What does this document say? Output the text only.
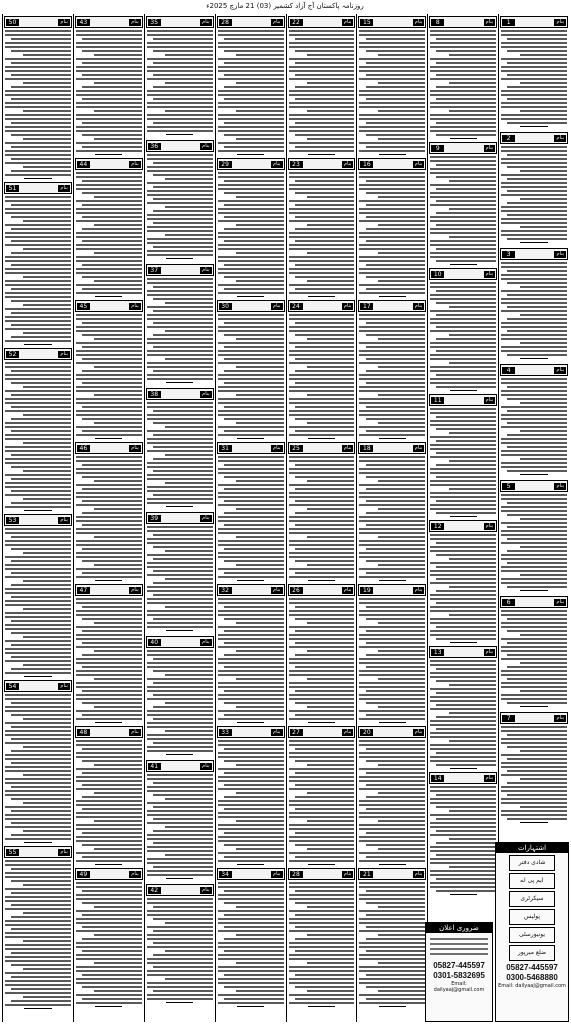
روزنامہ پاکستان آج آزاد کشمیر (03) 21 مارچ 2025ء
50	بنام
51	بنام
52	بنام
53	بنام
54	بنام
55	بنام
43	بنام
44	بنام
45	بنام
46	بنام
47	بنام
48	بنام
49	بنام
35	بنام
36	بنام
37	بنام
38	بنام
39	بنام
40	بنام
41	بنام
42	بنام
28	بنام
29	بنام
30	بنام
31	بنام
32	بنام
33	بنام
34	بنام
22	بنام
23	بنام
24	بنام
25	بنام
26	بنام
27	بنام
28	بنام
15	بنام
16	بنام
17	بنام
18	بنام
19	بنام
20	بنام
21	بنام
8	بنام
9	بنام
10	بنام
11	بنام
12	بنام
13	بنام
14	بنام
1	بنام
2	بنام
3	بنام
4	بنام
5	بنام
6	بنام
7	بنام
ضروری اعلان
05827-445597
0301-5832695
Email: dailyaaj@gmail.com
اشتہارات
شادی دفتر
ایم پی اے
سیکرٹری
پولیس
یونیورسٹی
ضلع میرپور
05827-445597
0300-5468880
Email: dailyaaj@gmail.com
